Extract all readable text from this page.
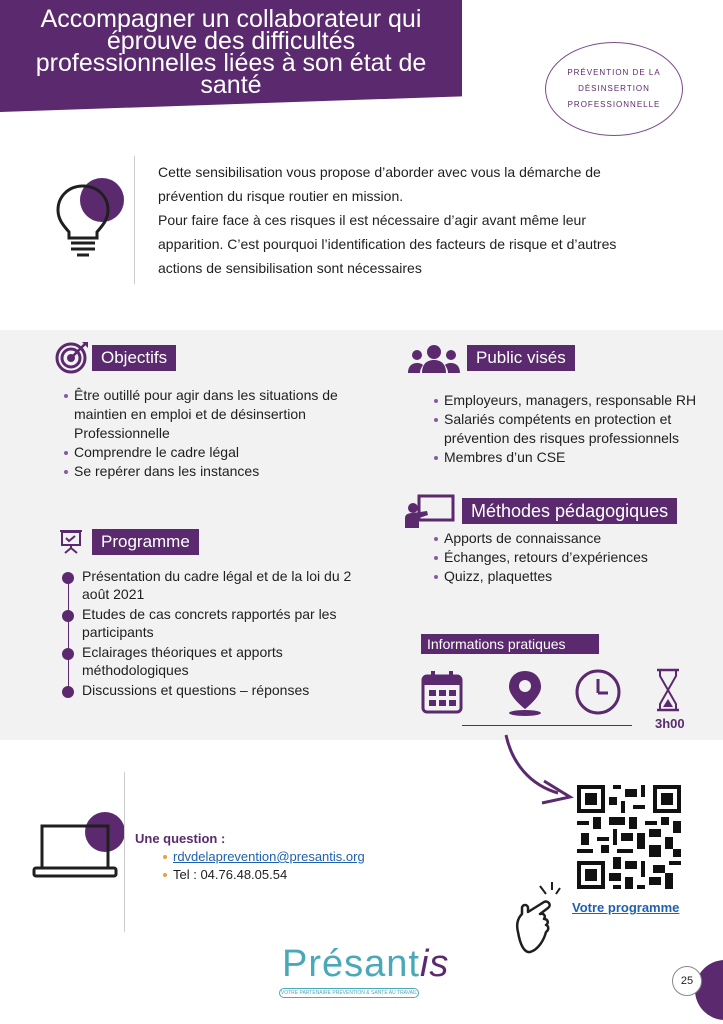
Accompagner un collaborateur qui
éprouve des difficultés
professionnelles liées à son état de
santé	PRÉVENTION DE LA
DÉSINSERTION
PROFESSIONNELLE
Cette sensibilisation vous propose d’aborder avec vous la démarche de
prévention du risque routier en mission.
Pour faire face à ces risques il est nécessaire d’agir avant même leur
apparition. C’est pourquoi l’identification des facteurs de risque et d’autres
actions de sensibilisation sont nécessaires
Objectifs
Être outillé pour agir dans les situations de maintien en emploi et de désinsertion Professionnelle
Comprendre le cadre légal
Se repérer dans les instances
Public visés
Employeurs, managers, responsable RH
Salariés compétents en protection et prévention des risques professionnels
Membres d’un CSE
Méthodes pédagogiques
Apports de connaissance
Échanges, retours d’expériences
Quizz, plaquettes
Programme
Présentation du cadre légal et de la loi du 2 août 2021
Etudes de cas concrets rapportés par les participants
Eclairages théoriques et apports méthodologiques
Discussions et questions – réponses
Informations pratiques
3h00
Une question :
rdvdelaprevention@presantis.org
Tel : 04.76.48.05.54
Votre programme
Présantis
VOTRE PARTENAIRE PRÉVENTION & SANTÉ AU TRAVAIL
25
